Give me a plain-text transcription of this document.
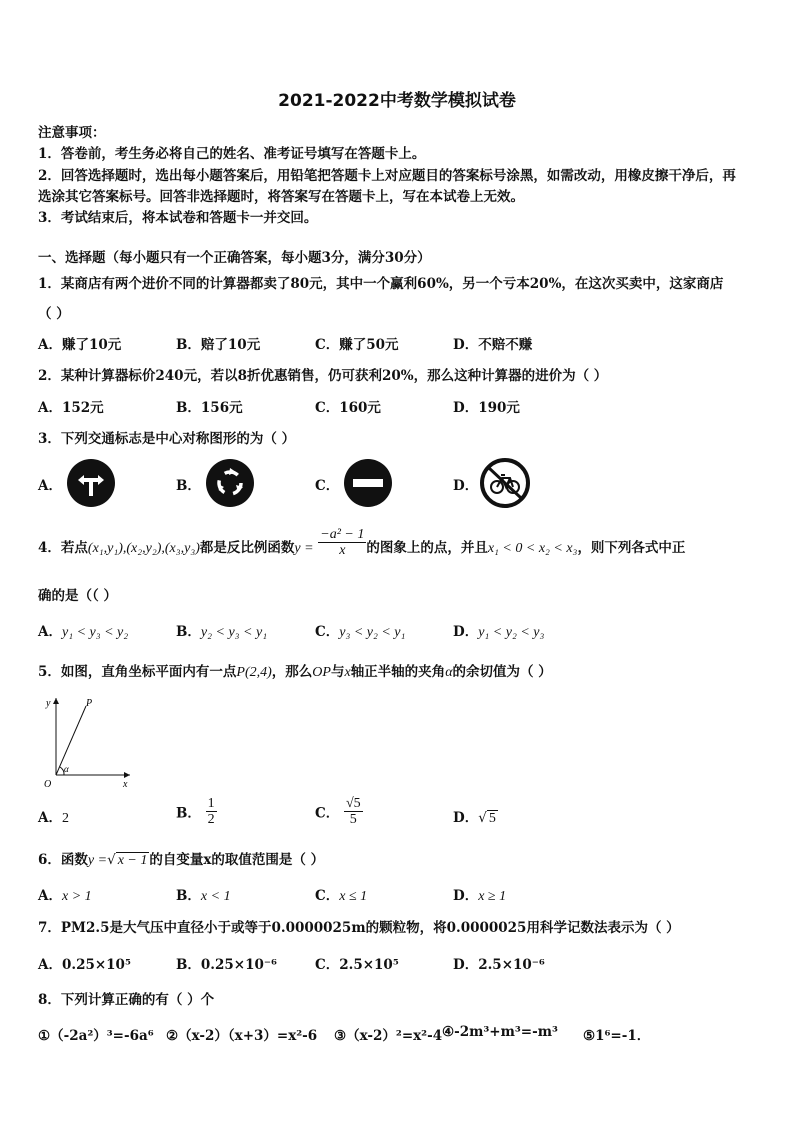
2021-2022中考数学模拟试卷
注意事项：
1．答卷前，考生务必将自己的姓名、准考证号填写在答题卡上。
2．回答选择题时，选出每小题答案后，用铅笔把答题卡上对应题目的答案标号涂黑，如需改动，用橡皮擦干净后，再
选涂其它答案标号。回答非选择题时，将答案写在答题卡上，写在本试卷上无效。
3．考试结束后，将本试卷和答题卡一并交回。
一、选择题（每小题只有一个正确答案，每小题3分，满分30分）
1．某商店有两个进价不同的计算器都卖了80元，其中一个赢利60%，另一个亏本20%，在这次买卖中，这家商店
（ ）
A．赚了10元	B．赔了10元	C．赚了50元	D．不赔不赚
2．某种计算器标价240元，若以8折优惠销售，仍可获利20%，那么这种计算器的进价为（ ）
A．152元	B．156元	C．160元	D．190元
3．下列交通标志是中心对称图形的为（ ）
A．	B．	C．	D．
4．若点(x₁,y₁),(x₂,y₂),(x₃,y₃)都是反比例函数$y = \frac{\text{−a² − 1}}{x}$ 的图象上的点，并且x₁ < 0 < x₂ < x₃，则下列各式中正
确的是（（ ）
A．y₁ < y₃ < y₂	B．y₂ < y₃ < y₁	C．y₃ < y₂ < y₁	D．y₁ < y₂ < y₃
5．如图，直角坐标平面内有一点P(2,4)，那么OP与x轴正半轴的夹角α的余切值为（ ）
y	P
O	x
α
A．2	B． $\frac{1}{2}$	C． $\frac{√5}{5}$	D．√ 5
6．函数y =√ x − 1 的自变量x的取值范围是（ ）
A．x > 1	B．x < 1	C．x ≤ 1	D．x ≥ 1
7．PM2.5是大气压中直径小于或等于0.0000025m的颗粒物，将0.0000025用科学记数法表示为（ ）
A．0.25×10⁵	B．0.25×10⁻⁶	C．2.5×10⁵	D．2.5×10⁻⁶
8．下列计算正确的有（ ）个
①（-2a²）³=-6a⁶ ②（x-2）（x+3）=x²-6 ③（x-2）²=x²-4 ④-2m³+m³=-m³ ⑤1⁶=-1．
